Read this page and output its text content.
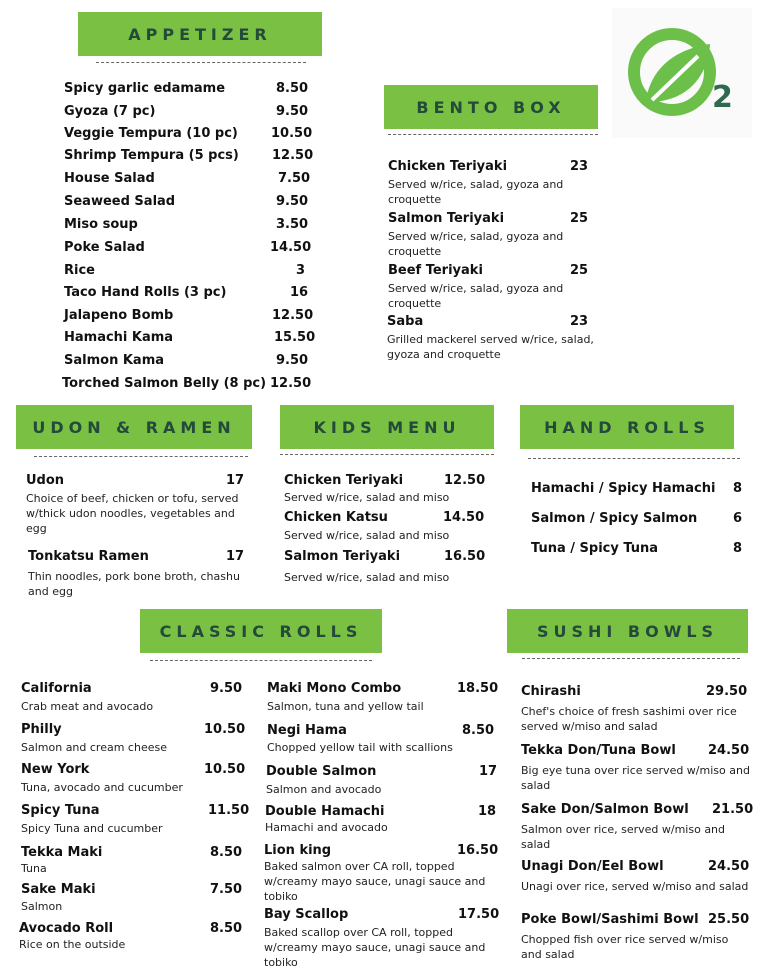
2
APPETIZER
BENTO BOX
UDON & RAMEN	KIDS MENU	HAND ROLLS
CLASSIC ROLLS	SUSHI BOWLS
Spicy garlic edamame	8.50
Gyoza (7 pc)	9.50
Veggie Tempura (10 pc)	10.50
Shrimp Tempura (5 pcs)	12.50
House Salad	7.50
Seaweed Salad	9.50
Miso soup	3.50
Poke Salad	14.50
Rice	3
Taco Hand Rolls (3 pc)	16
Jalapeno Bomb	12.50
Hamachi Kama	15.50
Salmon Kama	9.50
Torched Salmon Belly (8 pc) 12.50
Chicken Teriyaki	23
Served w/rice, salad, gyoza and croquette
Salmon Teriyaki	25
Served w/rice, salad, gyoza and croquette
Beef Teriyaki	25
Served w/rice, salad, gyoza and croquette
Saba	23
Grilled mackerel served w/rice, salad, gyoza and croquette
Udon	17
Choice of beef, chicken or tofu, served w/thick udon noodles, vegetables and egg
Tonkatsu Ramen	17
Thin noodles, pork bone broth, chashu and egg
Chicken Teriyaki	12.50
Served w/rice, salad and miso
Chicken Katsu	14.50
Served w/rice, salad and miso
Salmon Teriyaki	16.50
Served w/rice, salad and miso
Hamachi / Spicy Hamachi 8
Salmon / Spicy Salmon	6
Tuna / Spicy Tuna	8
California	9.50
Crab meat and avocado
Philly	10.50
Salmon and cream cheese
New York	10.50
Tuna, avocado and cucumber
Spicy Tuna	11.50
Spicy Tuna and cucumber
Tekka Maki	8.50
Tuna
Sake Maki	7.50
Salmon
Avocado Roll	8.50
Rice on the outside
Maki Mono Combo	18.50
Salmon, tuna and yellow tail
Negi Hama	8.50
Chopped yellow tail with scallions
Double Salmon	17
Salmon and avocado
Double Hamachi	18
Hamachi and avocado
Lion king	16.50
Baked salmon over CA roll, topped w/creamy mayo sauce, unagi sauce and tobiko
Bay Scallop	17.50
Baked scallop over CA roll, topped w/creamy mayo sauce, unagi sauce and tobiko
Chirashi	29.50
Chef's choice of fresh sashimi over rice served w/miso and salad
Tekka Don/Tuna Bowl 24.50
Big eye tuna over rice served w/miso and salad
Sake Don/Salmon Bowl 21.50
Salmon over rice, served w/miso and salad
Unagi Don/Eel Bowl	24.50
Unagi over rice, served w/miso and salad
Poke Bowl/Sashimi Bowl 25.50
Chopped fish over rice served w/miso and salad
